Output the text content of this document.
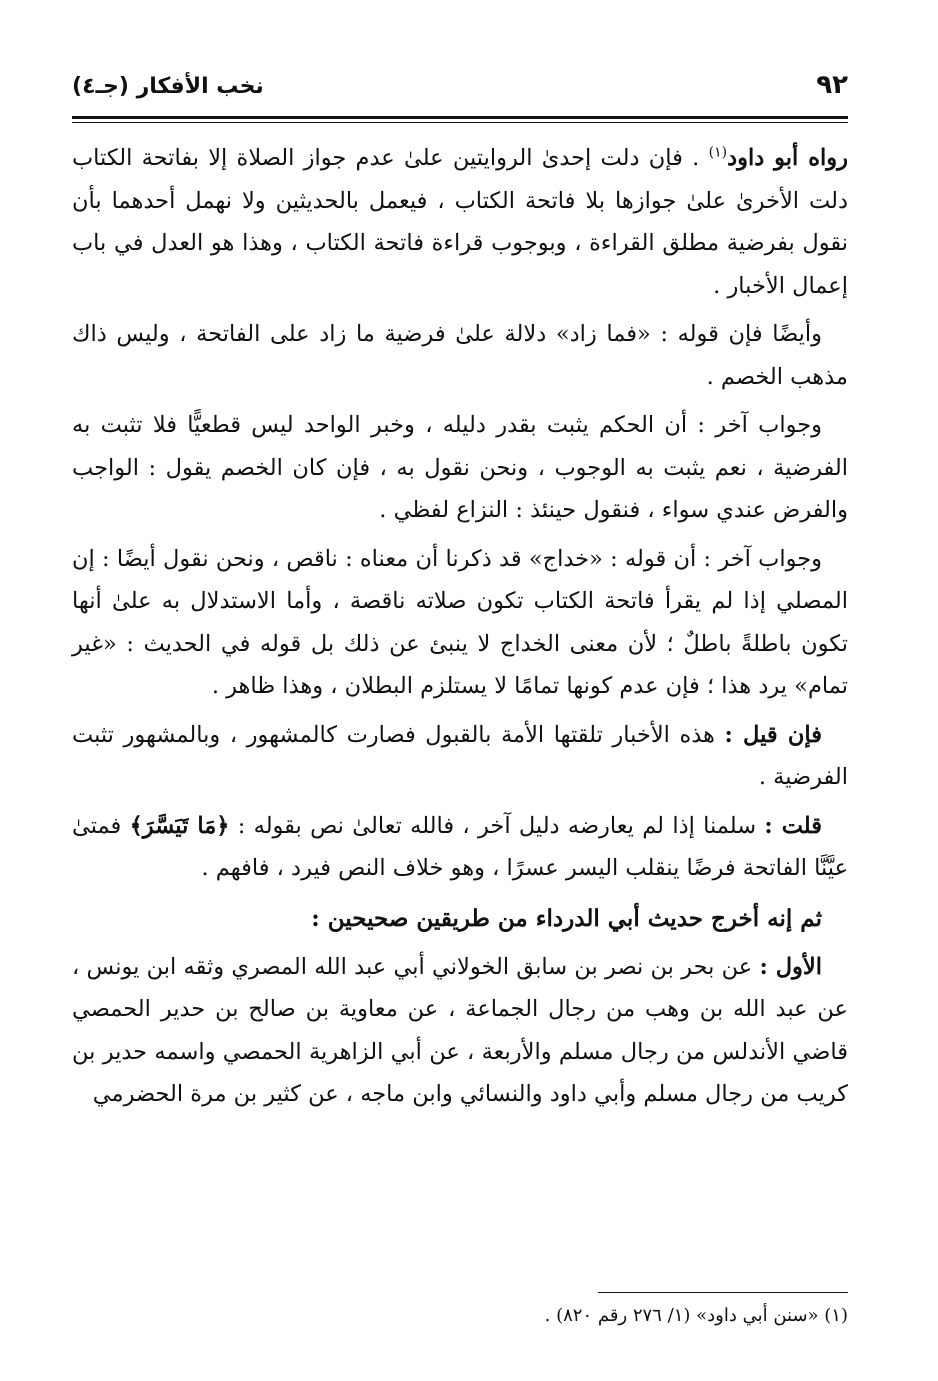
٩٢
نخب الأفكار (جـ٤)

رواه أبو داود$^{(١)}$ . فإن دلت إحدىٰ الروايتين علىٰ عدم جواز الصلاة إلا بفاتحة الكتاب دلت الأخرىٰ علىٰ جوازها بلا فاتحة الكتاب ، فيعمل بالحديثين ولا نهمل أحدهما بأن نقول بفرضية مطلق القراءة ، وبوجوب قراءة فاتحة الكتاب ، وهذا هو العدل في باب إعمال الأخبار .

وأيضًا فإن قوله : «فما زاد» دلالة علىٰ فرضية ما زاد على الفاتحة ، وليس ذاك مذهب الخصم .

وجواب آخر : أن الحكم يثبت بقدر دليله ، وخبر الواحد ليس قطعيًّا فلا تثبت به الفرضية ، نعم يثبت به الوجوب ، ونحن نقول به ، فإن كان الخصم يقول : الواجب والفرض عندي سواء ، فنقول حينئذ : النزاع لفظي .

وجواب آخر : أن قوله : «خداج» قد ذكرنا أن معناه : ناقص ، ونحن نقول أيضًا : إن المصلي إذا لم يقرأ فاتحة الكتاب تكون صلاته ناقصة ، وأما الاستدلال به علىٰ أنها تكون باطلةً باطلٌ ؛ لأن معنى الخداج لا ينبئ عن ذلك بل قوله في الحديث : «غير تمام» يرد هذا ؛ فإن عدم كونها تمامًا لا يستلزم البطلان ، وهذا ظاهر .

فإن قيل : هذه الأخبار تلقتها الأمة بالقبول فصارت كالمشهور ، وبالمشهور تثبت الفرضية .

قلت : سلمنا إذا لم يعارضه دليل آخر ، فالله تعالىٰ نص بقوله : ﴿مَا تَيَسَّرَ﴾ فمتىٰ عيَّنَّا الفاتحة فرضًا ينقلب اليسر عسرًا ، وهو خلاف النص فيرد ، فافهم .

ثم إنه أخرج حديث أبي الدرداء من طريقين صحيحين :

الأول : عن بحر بن نصر بن سابق الخولاني أبي عبد الله المصري وثقه ابن يونس ، عن عبد الله بن وهب من رجال الجماعة ، عن معاوية بن صالح بن حدير الحمصي قاضي الأندلس من رجال مسلم والأربعة ، عن أبي الزاهرية الحمصي واسمه حدير بن كريب من رجال مسلم وأبي داود والنسائي وابن ماجه ، عن كثير بن مرة الحضرمي

(١) «سنن أبي داود» (١/ ٢٧٦ رقم ٨٢٠) .
